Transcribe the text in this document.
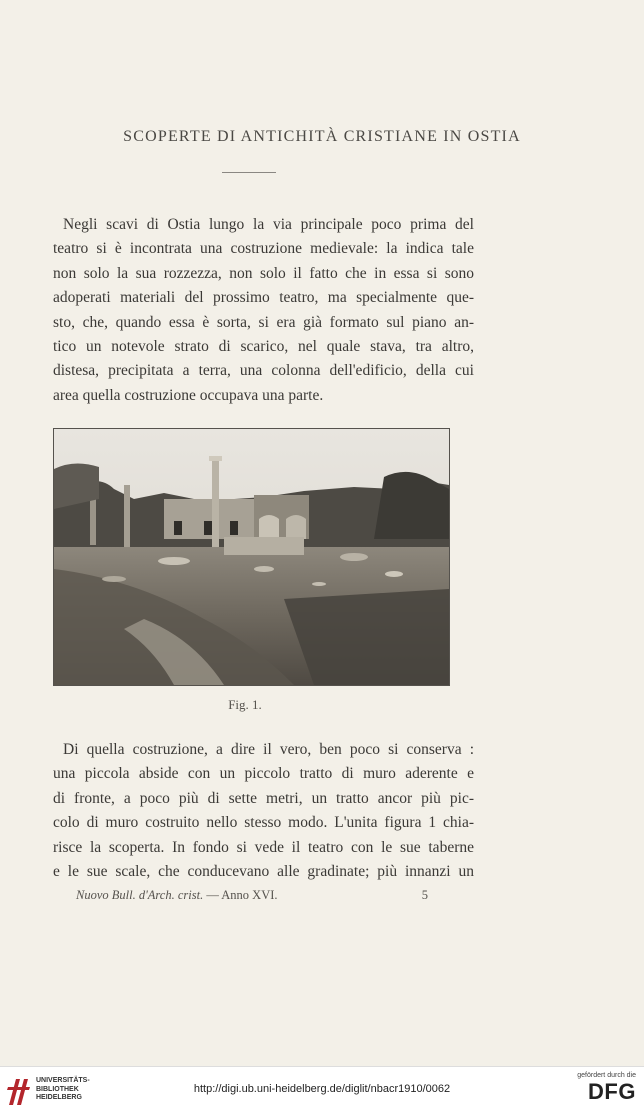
SCOPERTE DI ANTICHITÀ CRISTIANE IN OSTIA
Negli scavi di Ostia lungo la via principale poco prima del
teatro si è incontrata una costruzione medievale: la indica tale
non solo la sua rozzezza, non solo il fatto che in essa si sono
adoperati materiali del prossimo teatro, ma specialmente que-
sto, che, quando essa è sorta, si era già formato sul piano an-
tico un notevole strato di scarico, nel quale stava, tra altro,
distesa, precipitata a terra, una colonna dell'edificio, della cui
area quella costruzione occupava una parte.
Fig. 1.
Di quella costruzione, a dire il vero, ben poco si conserva :
una piccola abside con un piccolo tratto di muro aderente e
di fronte, a poco più di sette metri, un tratto ancor più pic-
colo di muro costruito nello stesso modo. L'unita figura 1 chia-
risce la scoperta. In fondo si vede il teatro con le sue taberne
e le sue scale, che conducevano alle gradinate; più innanzi un
Nuovo Bull. d'Arch. crist. — Anno XVI.	5
UNIVERSITÄTS-
BIBLIOTHEK
HEIDELBERG
http://digi.ub.uni-heidelberg.de/diglit/nbacr1910/0062
gefördert durch die
DFG
